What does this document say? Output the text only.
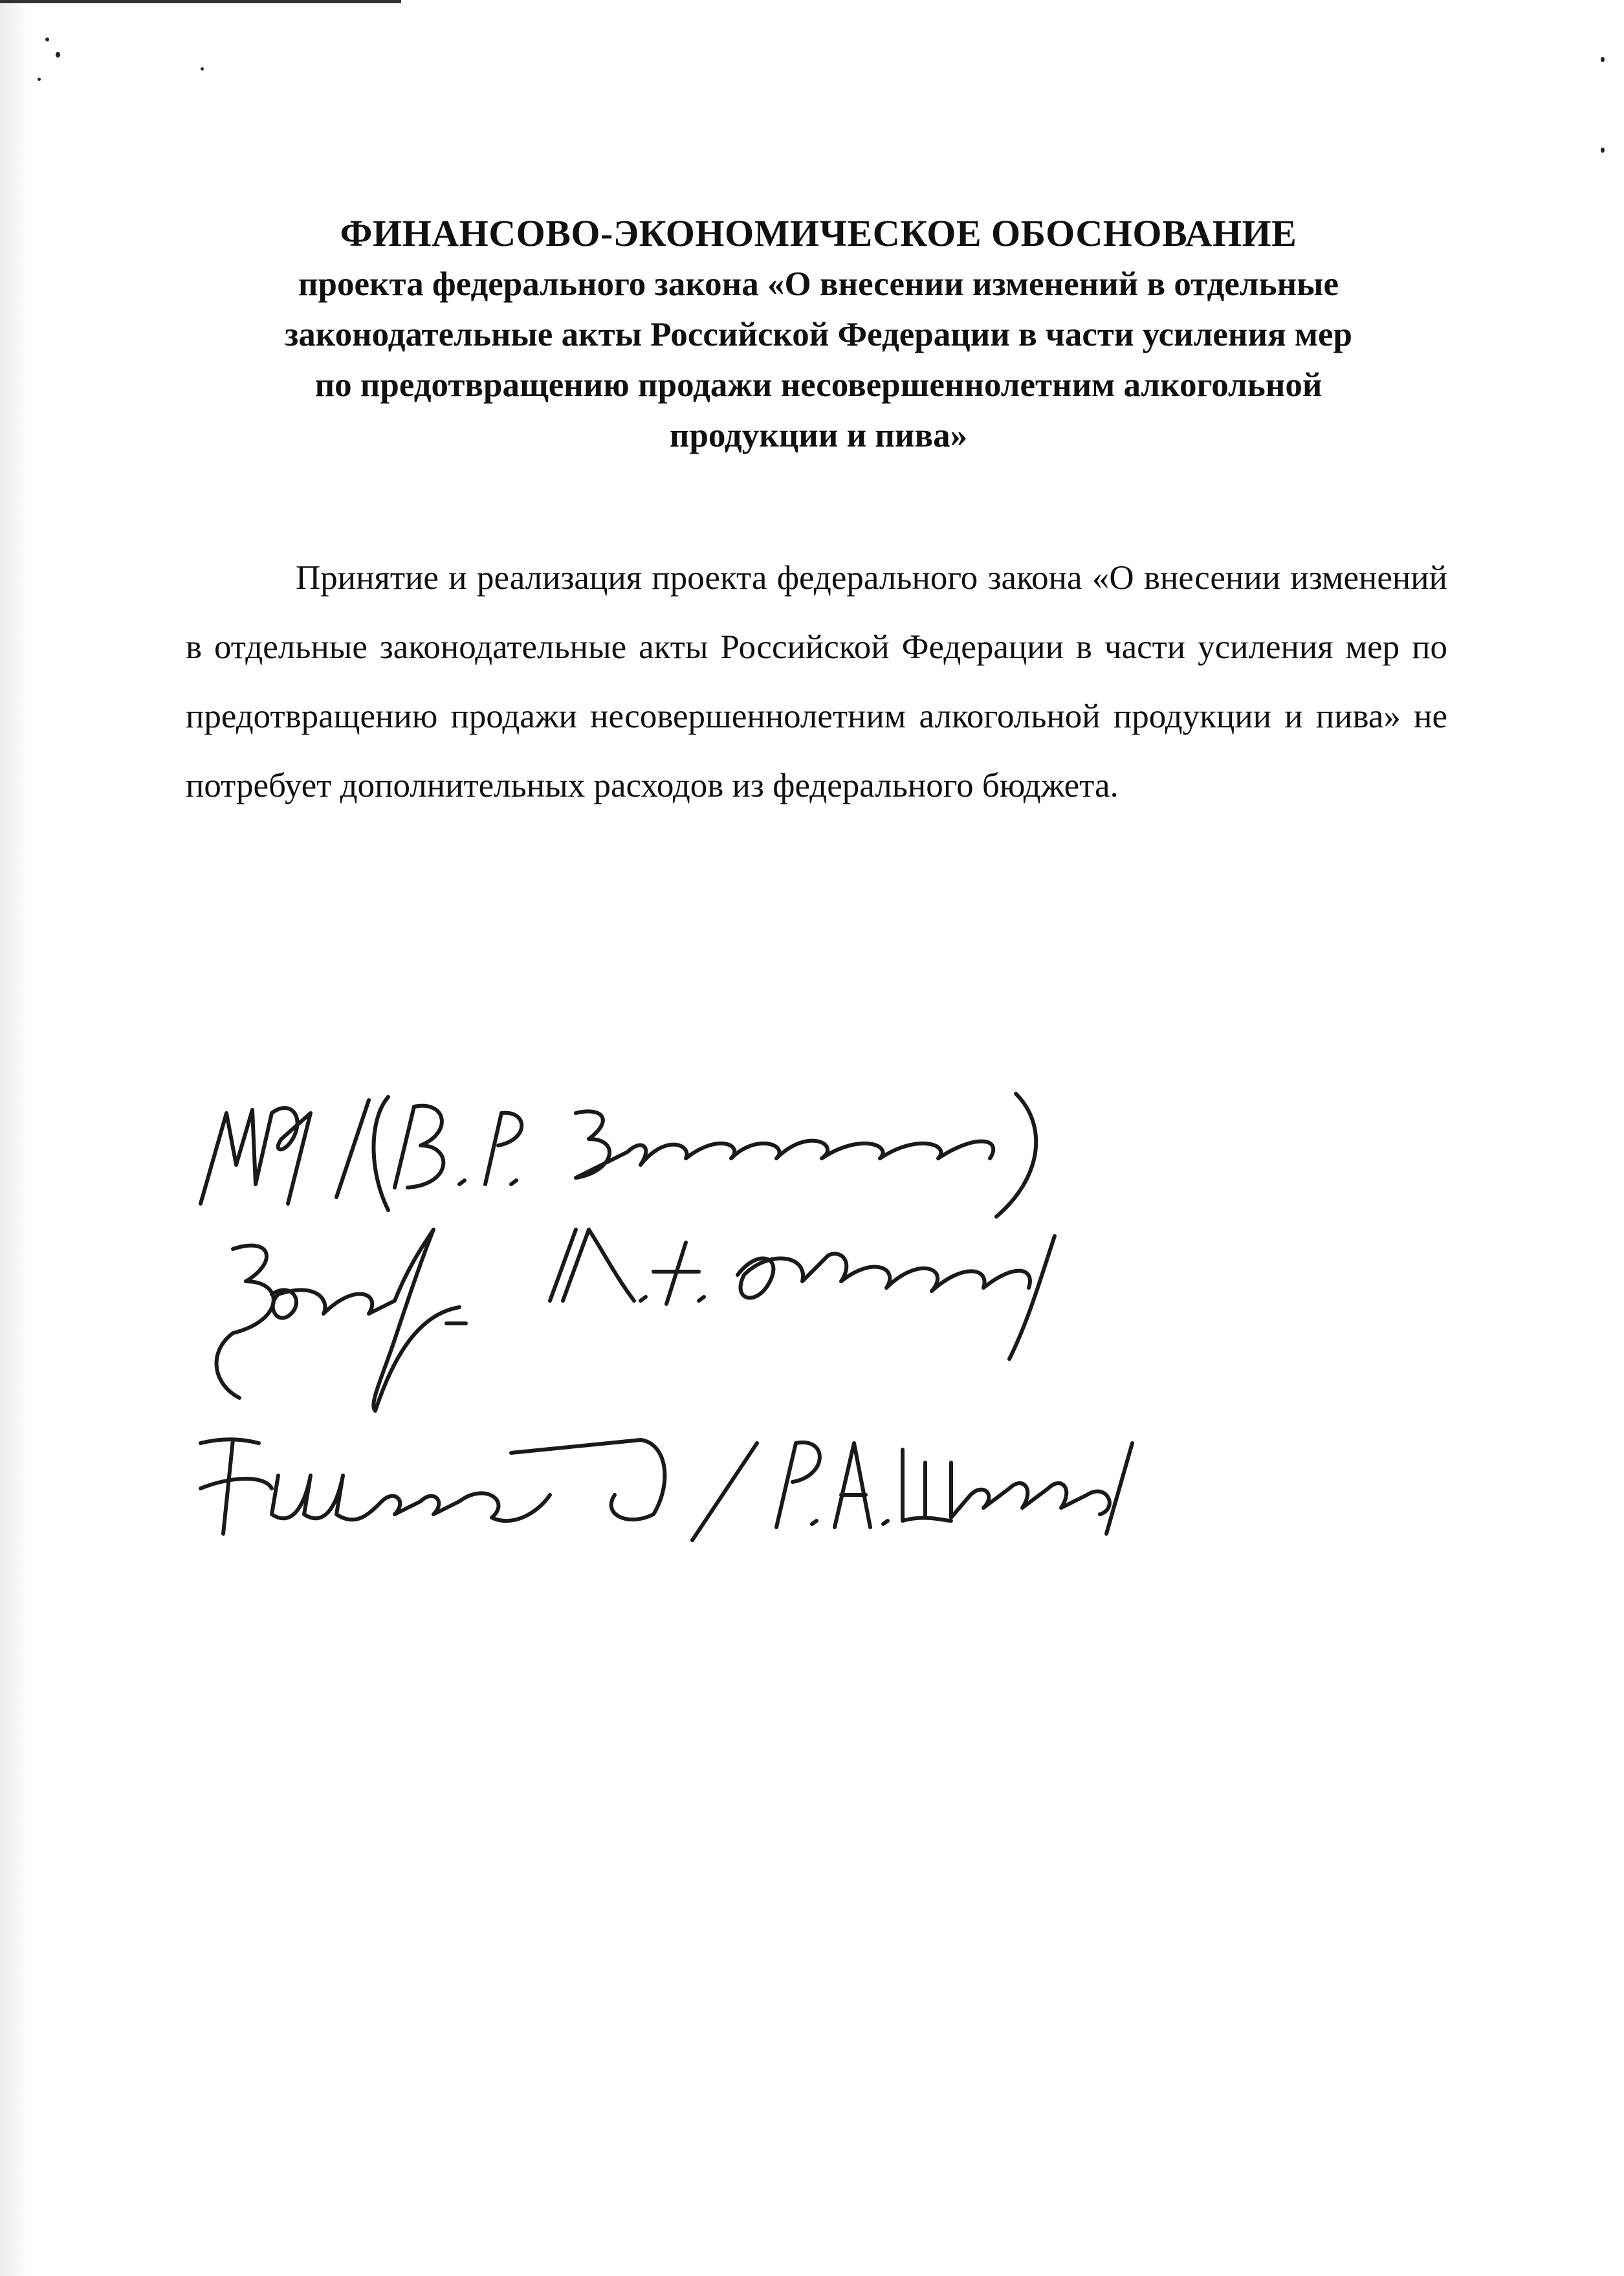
ФИНАНСОВО-ЭКОНОМИЧЕСКОЕ ОБОСНОВАНИЕ
проекта федерального закона «О внесении изменений в отдельные
законодательные акты Российской Федерации в части усиления мер
по предотвращению продажи несовершеннолетним алкогольной
продукции и пива»
Принятие и реализация проекта федерального закона «О внесении изменений в отдельные законодательные акты Российской Федерации в части усиления мер по предотвращению продажи несовершеннолетним алкогольной продукции и пива» не потребует дополнительных расходов из федерального бюджета.
